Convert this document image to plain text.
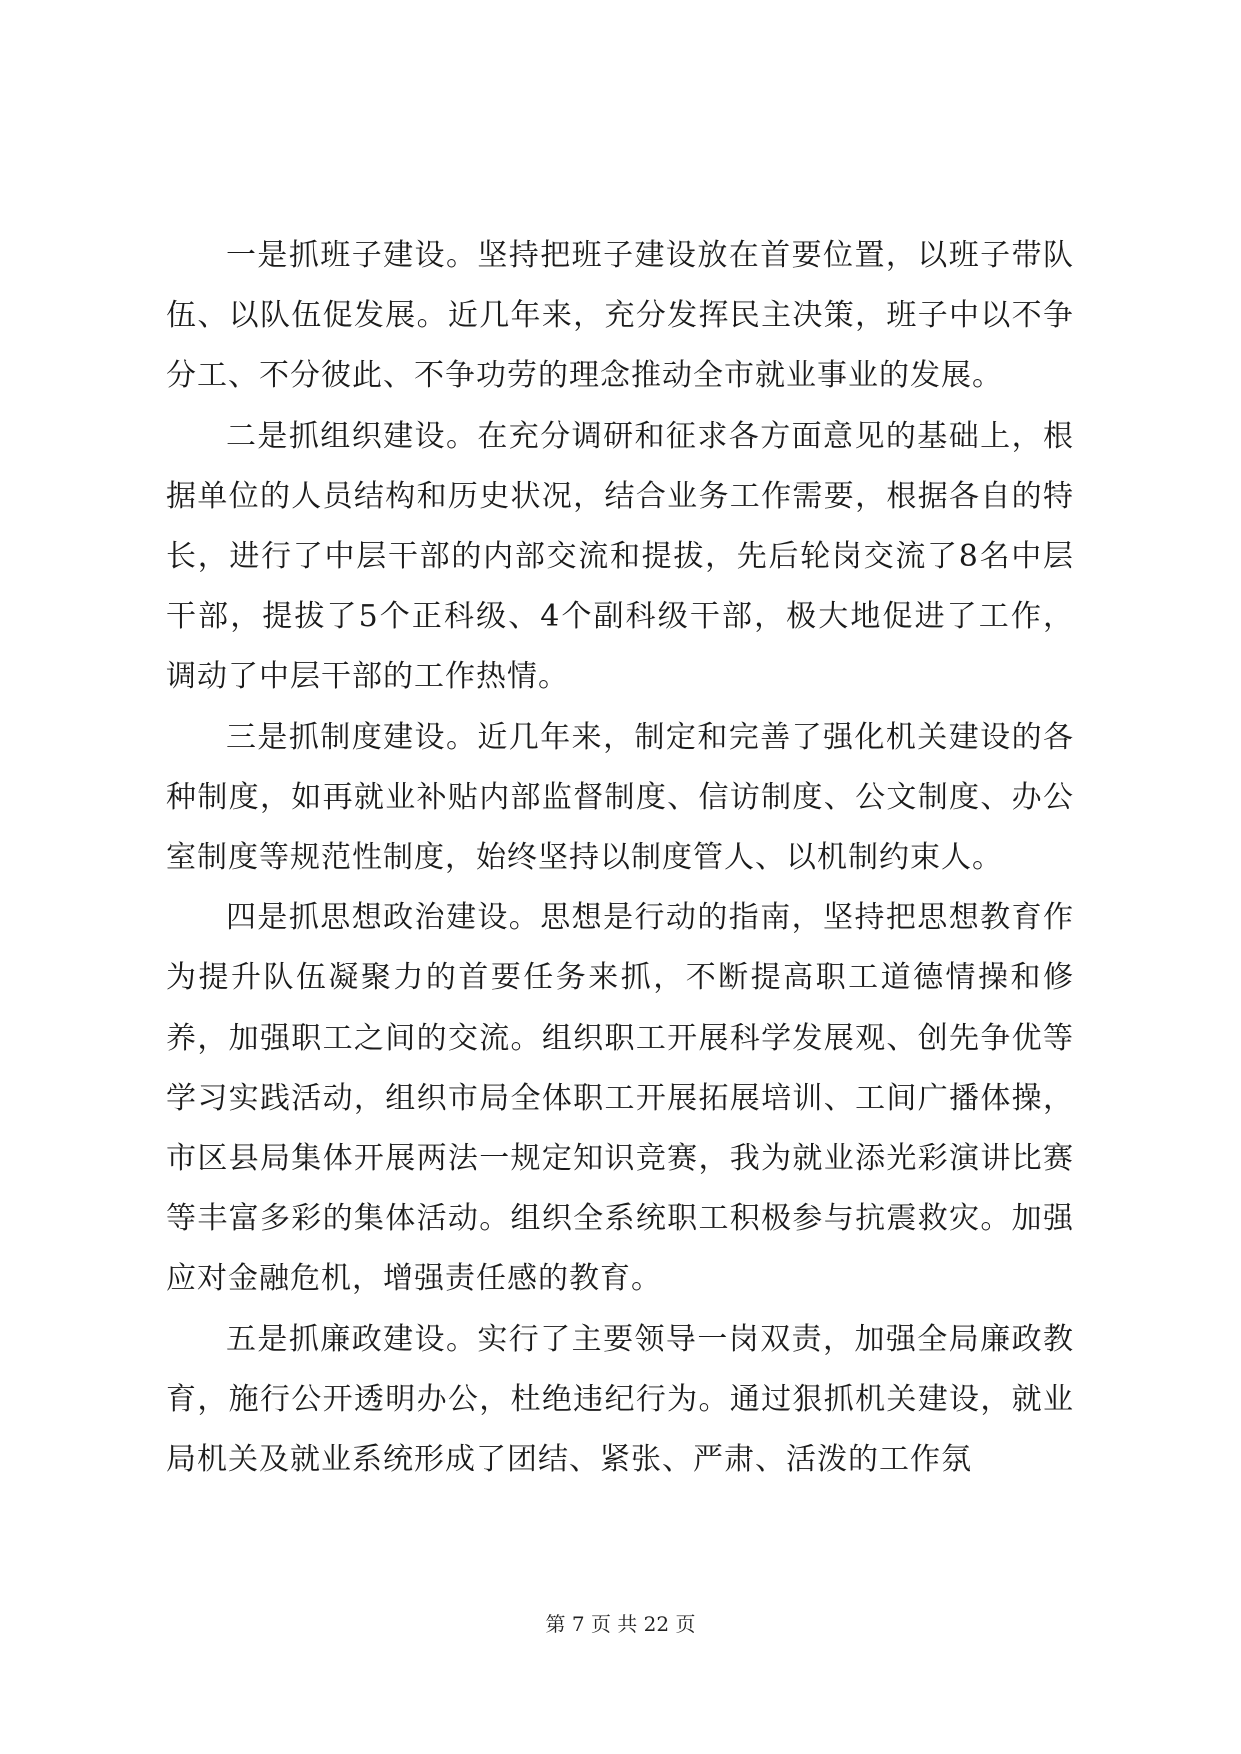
一是抓班子建设。坚持把班子建设放在首要位置，以班子带队伍、以队伍促发展。近几年来，充分发挥民主决策，班子中以不争分工、不分彼此、不争功劳的理念推动全市就业事业的发展。

二是抓组织建设。在充分调研和征求各方面意见的基础上，根据单位的人员结构和历史状况，结合业务工作需要，根据各自的特长，进行了中层干部的内部交流和提拔，先后轮岗交流了8名中层干部，提拔了5个正科级、4个副科级干部，极大地促进了工作，调动了中层干部的工作热情。

三是抓制度建设。近几年来，制定和完善了强化机关建设的各种制度，如再就业补贴内部监督制度、信访制度、公文制度、办公室制度等规范性制度，始终坚持以制度管人、以机制约束人。

四是抓思想政治建设。思想是行动的指南，坚持把思想教育作为提升队伍凝聚力的首要任务来抓，不断提高职工道德情操和修养，加强职工之间的交流。组织职工开展科学发展观、创先争优等学习实践活动，组织市局全体职工开展拓展培训、工间广播体操，市区县局集体开展两法一规定知识竞赛，我为就业添光彩演讲比赛等丰富多彩的集体活动。组织全系统职工积极参与抗震救灾。加强应对金融危机，增强责任感的教育。

五是抓廉政建设。实行了主要领导一岗双责，加强全局廉政教育，施行公开透明办公，杜绝违纪行为。通过狠抓机关建设，就业局机关及就业系统形成了团结、紧张、严肃、活泼的工作氛

第 7 页 共 22 页
